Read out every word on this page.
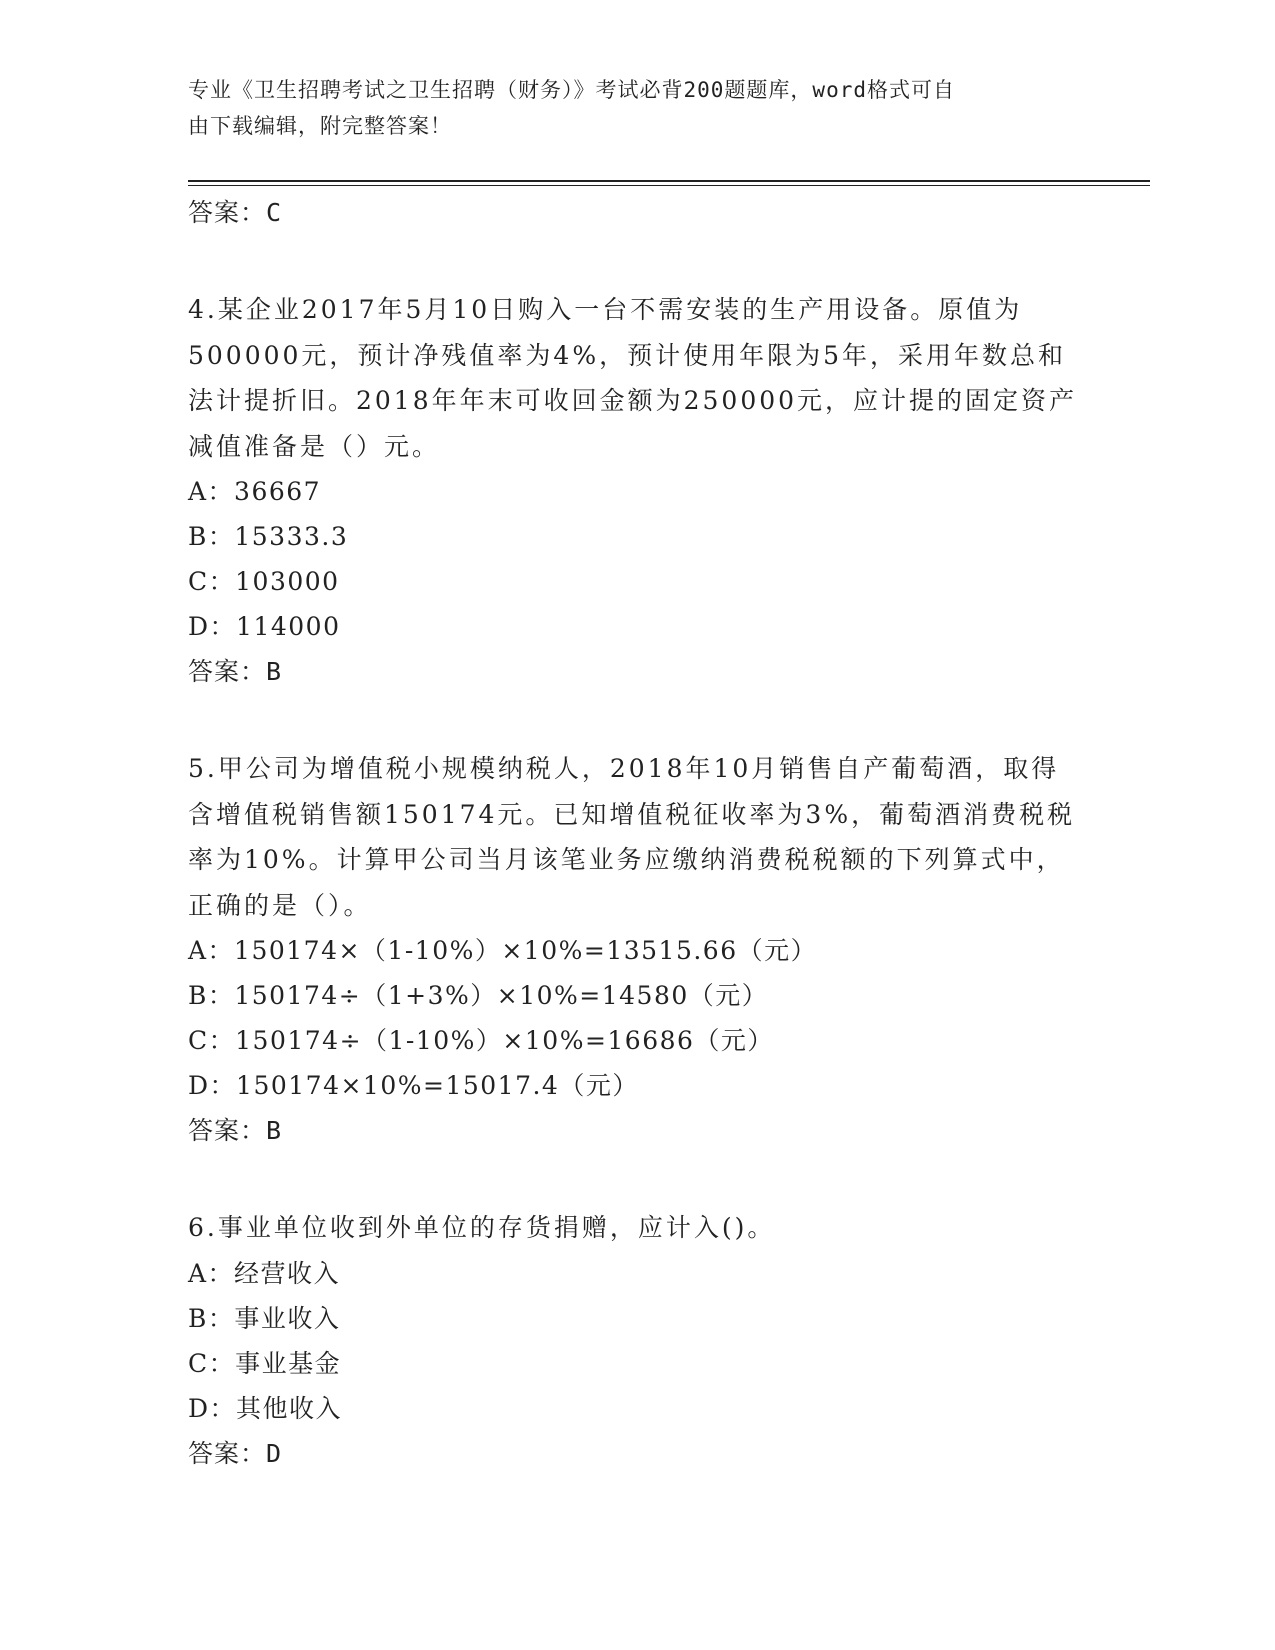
专业《卫生招聘考试之卫生招聘（财务）》考试必背200题题库，word格式可自
由下载编辑，附完整答案！

答案：C

4.某企业2017年5月10日购入一台不需安装的生产用设备。原值为
500000元，预计净残值率为4%，预计使用年限为5年，采用年数总和
法计提折旧。2018年年末可收回金额为250000元，应计提的固定资产
减值准备是（）元。

A：36667

B：15333.3

C：103000

D：114000

答案：B

5.甲公司为增值税小规模纳税人，2018年10月销售自产葡萄酒，取得
含增值税销售额150174元。已知增值税征收率为3%，葡萄酒消费税税
率为10%。计算甲公司当月该笔业务应缴纳消费税税额的下列算式中，
正确的是（）。

A：150174×（1-10%）×10%=13515.66（元）

B：150174÷（1+3%）×10%=14580（元）

C：150174÷（1-10%）×10%=16686（元）

D：150174×10%=15017.4（元）

答案：B

6.事业单位收到外单位的存货捐赠，应计入()。

A：经营收入

B：事业收入

C：事业基金

D：其他收入

答案：D
